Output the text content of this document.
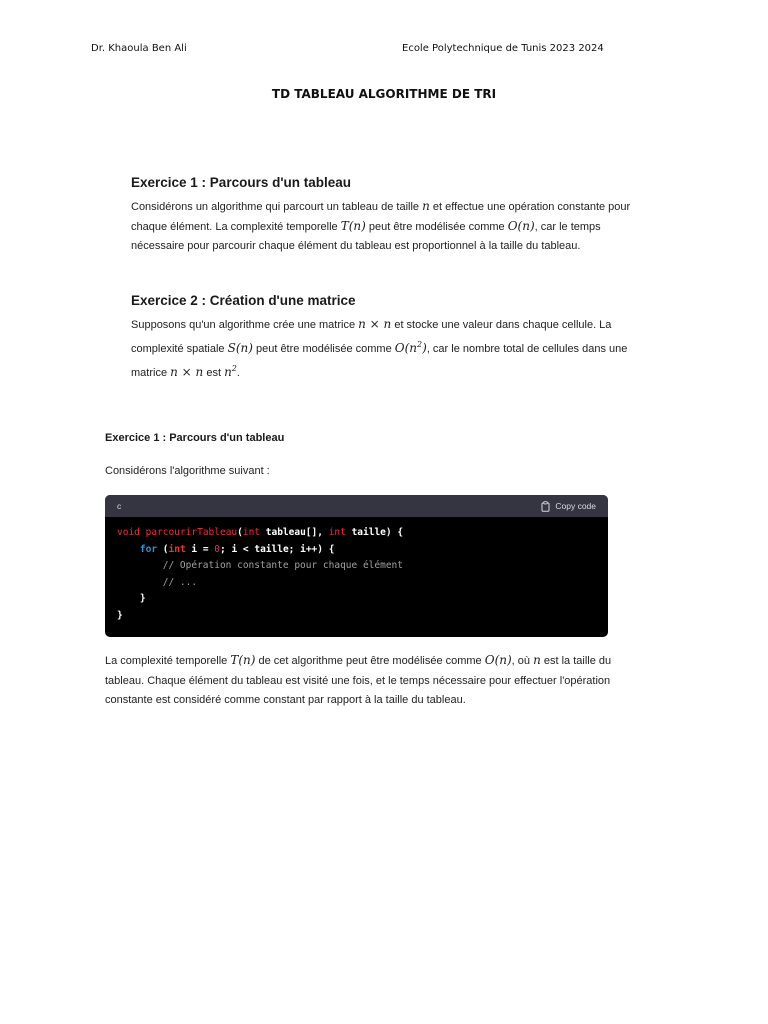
Dr. Khaoula Ben Ali	Ecole Polytechnique de Tunis 2023 2024
TD TABLEAU ALGORITHME DE TRI
Exercice 1 : Parcours d'un tableau
Considérons un algorithme qui parcourt un tableau de taille n et effectue une opération constante pour chaque élément. La complexité temporelle T(n) peut être modélisée comme O(n), car le temps nécessaire pour parcourir chaque élément du tableau est proportionnel à la taille du tableau.
Exercice 2 : Création d'une matrice
Supposons qu'un algorithme crée une matrice n × n et stocke une valeur dans chaque cellule. La complexité spatiale S(n) peut être modélisée comme $O(n^2)$, car le nombre total de cellules dans une matrice n × n est $n^2$.
Exercice 1 : Parcours d'un tableau
Considérons l'algorithme suivant :
c	Copy code
void parcourirTableau(int tableau[], int taille) {
for (int i = 0; i < taille; i++) {
// Opération constante pour chaque élément
// ...
}
}
La complexité temporelle T(n) de cet algorithme peut être modélisée comme O(n), où n est la taille du tableau. Chaque élément du tableau est visité une fois, et le temps nécessaire pour effectuer l'opération constante est considéré comme constant par rapport à la taille du tableau.
